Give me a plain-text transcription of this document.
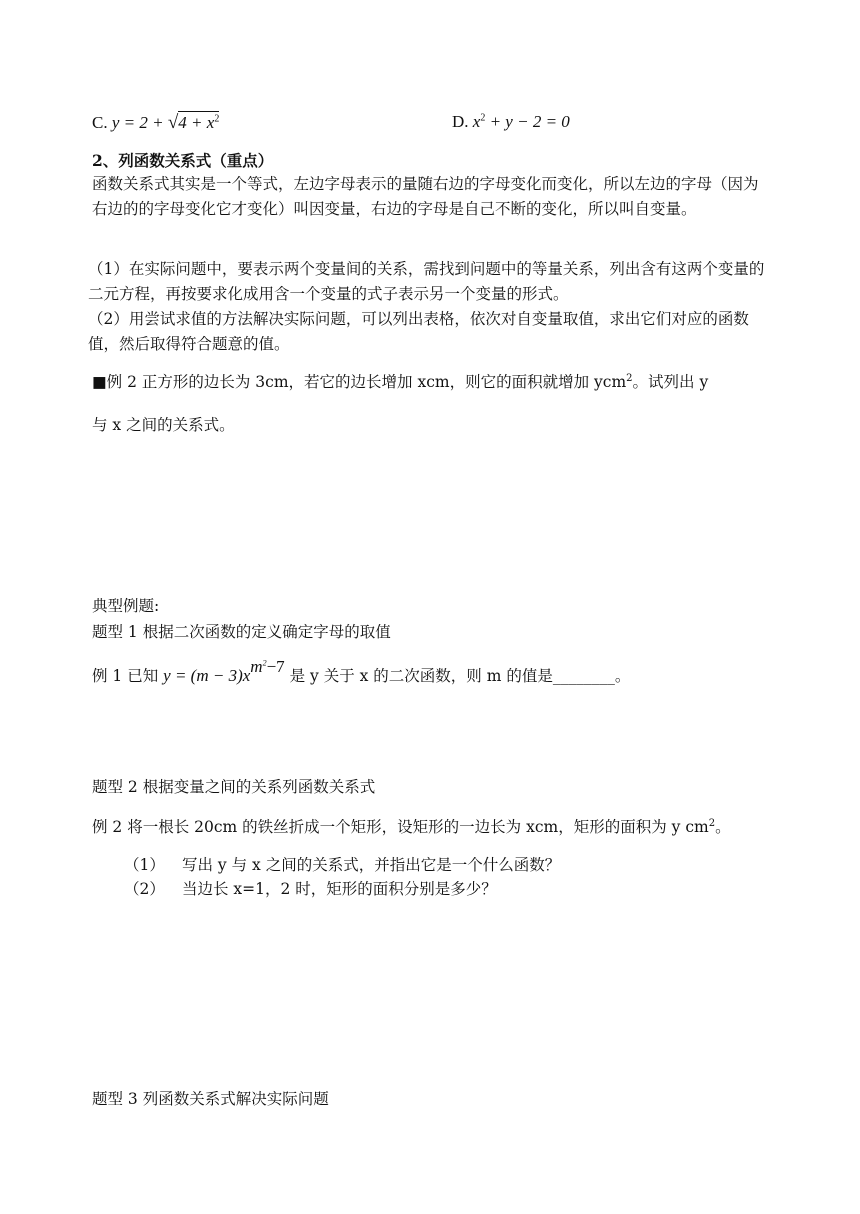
C. $y = 2 + √4 + x^2$	D. $x^2 + y - 2 = 0$
2、列函数关系式（重点）
函数关系式其实是一个等式，左边字母表示的量随右边的字母变化而变化，所以左边的字母（因为右边的的字母变化它才变化）叫因变量，右边的字母是自己不断的变化，所以叫自变量。
（1）在实际问题中，要表示两个变量间的关系，需找到问题中的等量关系，列出含有这两个变量的二元方程，再按要求化成用含一个变量的式子表示另一个变量的形式。
（2）用尝试求值的方法解决实际问题，可以列出表格，依次对自变量取值，求出它们对应的函数值，然后取得符合题意的值。
■例 2 正方形的边长为 3cm，若它的边长增加 xcm，则它的面积就增加 ycm$^2$。试列出 y
与 x 之间的关系式。
典型例题:
题型 1 根据二次函数的定义确定字母的取值
例 1 已知 $y = (m - 3)x^{m^2-7}$ 是 y 关于 x 的二次函数，则 m 的值是________。
题型 2 根据变量之间的关系列函数关系式
例 2 将一根长 20cm 的铁丝折成一个矩形，设矩形的一边长为 xcm，矩形的面积为 y $cm^2$。
（1） 写出 y 与 x 之间的关系式，并指出它是一个什么函数？
（2） 当边长 x=1，2 时，矩形的面积分别是多少？
题型 3 列函数关系式解决实际问题
